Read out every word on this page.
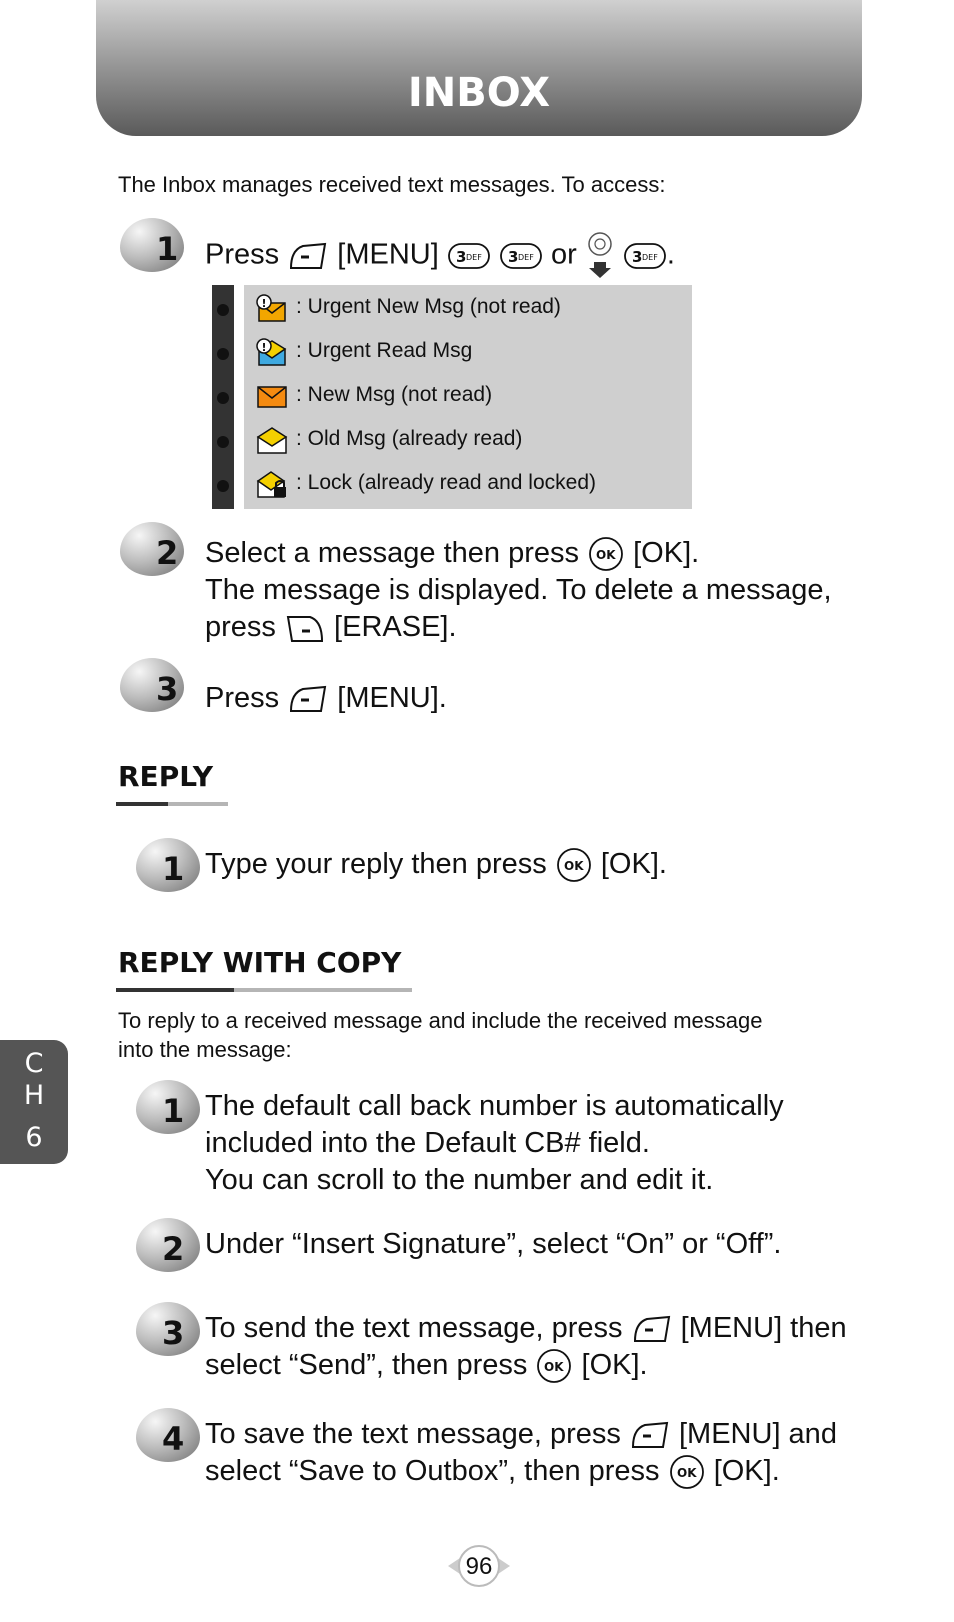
INBOX
The Inbox manages received text messages. To access:
1 Press [MENU] 3 DEF
3 DEF or	3 DEF .
! : Urgent New Msg (not read)
! : Urgent Read Msg
: New Msg (not read)
: Old Msg (already read)
: Lock (already read and locked)
2 Select a message then press OK [OK].
The message is displayed. To delete a message,
press [ERASE].
3 Press [MENU].
REPLY
1 Type your reply then press OK [OK].
REPLY WITH COPY
To reply to a received message and include the received message
into the message:
1 The default call back number is automatically
included into the Default CB# field.
You can scroll to the number and edit it.
2 Under “Insert Signature”, select “On” or “Off”.
3 To send the text message, press [MENU] then
select “Send”, then press OK [OK].
4 To save the text message, press [MENU] and
select “Save to Outbox”, then press OK [OK].
C
H
6
96
